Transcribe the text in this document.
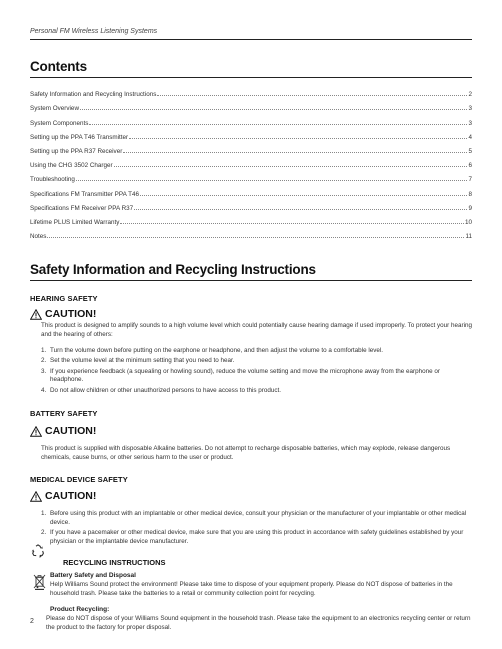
Personal FM Wireless Listening Systems
Contents
Safety Information and Recycling Instructions	2
System Overview	3
System Components	3
Setting up the PPA T46 Transmitter	4
Setting up the PPA R37 Receiver	5
Using the CHG 3502 Charger	6
Troubleshooting	7
Specifications FM Transmitter PPA T46	8
Specifications FM Receiver PPA R37	9
Lifetime PLUS Limited Warranty	10
Notes	11
Safety Information and Recycling Instructions
HEARING SAFETY
CAUTION!
This product is designed to amplify sounds to a high volume level which could potentially cause hearing damage if used improperly. To protect your hearing and the hearing of others:
1. Turn the volume down before putting on the earphone or headphone, and then adjust the volume to a comfortable level.
2. Set the volume level at the minimum setting that you need to hear.
3. If you experience feedback (a squealing or howling sound), reduce the volume setting and move the microphone away from the earphone or headphone.
4. Do not allow children or other unauthorized persons to have access to this product.
BATTERY SAFETY
CAUTION!
This product is supplied with disposable Alkaline batteries. Do not attempt to recharge disposable batteries, which may explode, release dangerous chemicals, cause burns, or other serious harm to the user or product.
MEDICAL DEVICE SAFETY
CAUTION!
1. Before using this product with an implantable or other medical device, consult your physician or the manufacturer of your implantable or other medical device.
2. If you have a pacemaker or other medical device, make sure that you are using this product in accordance with safety guidelines established by your physician or the implantable device manufacturer.
RECYCLING INSTRUCTIONS
Battery Safety and Disposal
Help Williams Sound protect the environment! Please take time to dispose of your equipment properly. Please do NOT dispose of batteries in the household trash. Please take the batteries to a retail or community collection point for recycling.
Product Recycling:
Please do NOT dispose of your Williams Sound equipment in the household trash. Please take the equipment to an electronics recycling center or return the product to the factory for proper disposal.
2
